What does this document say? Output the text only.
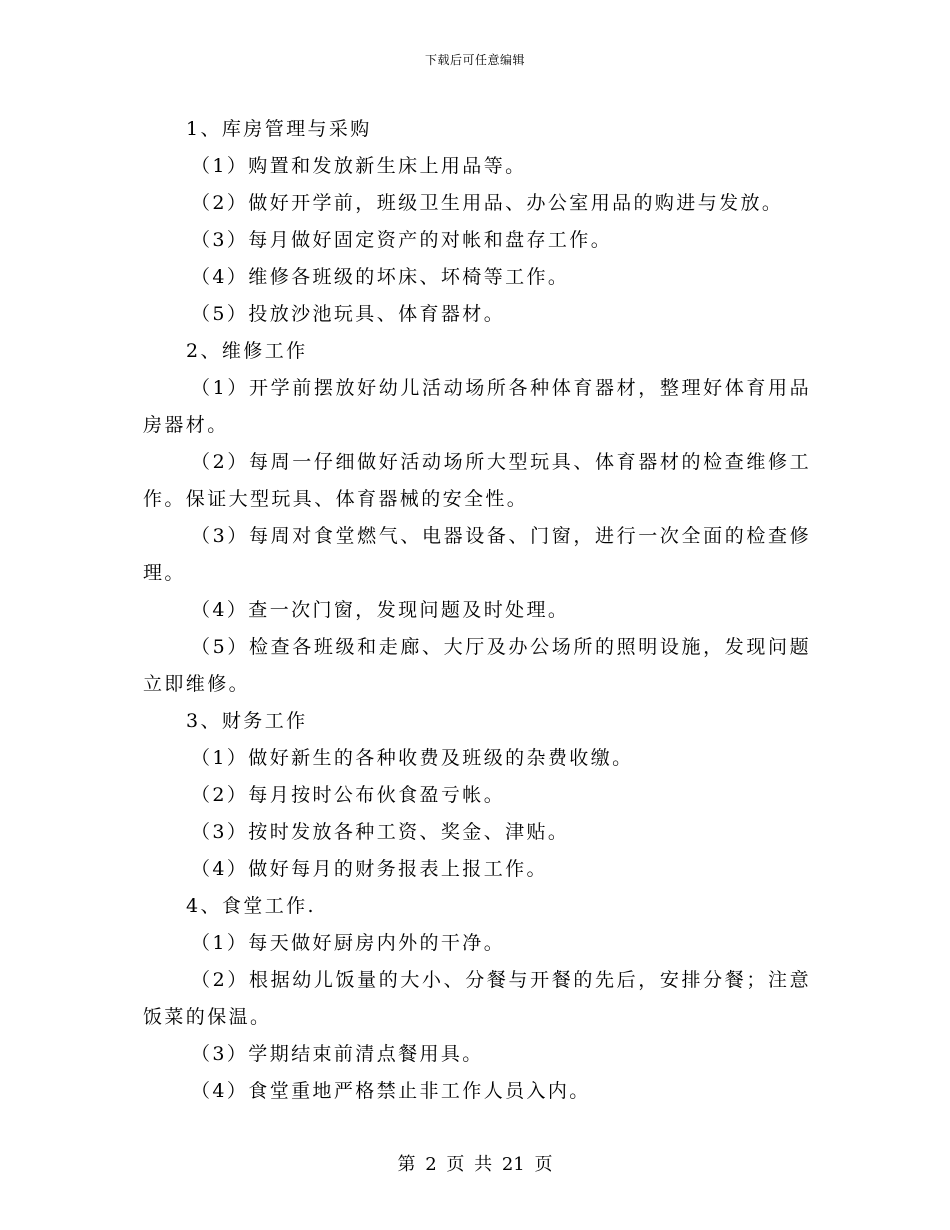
下载后可任意编辑

1、库房管理与采购

（1）购置和发放新生床上用品等。

（2）做好开学前，班级卫生用品、办公室用品的购进与发放。

（3）每月做好固定资产的对帐和盘存工作。

（4）维修各班级的坏床、坏椅等工作。

（5）投放沙池玩具、体育器材。

2、维修工作

（1）开学前摆放好幼儿活动场所各种体育器材，整理好体育用品房器材。

（2）每周一仔细做好活动场所大型玩具、体育器材的检查维修工作。保证大型玩具、体育器械的安全性。

（3）每周对食堂燃气、电器设备、门窗，进行一次全面的检查修理。

（4）查一次门窗，发现问题及时处理。

（5）检查各班级和走廊、大厅及办公场所的照明设施，发现问题立即维修。

3、财务工作

（1）做好新生的各种收费及班级的杂费收缴。

（2）每月按时公布伙食盈亏帐。

（3）按时发放各种工资、奖金、津贴。

（4）做好每月的财务报表上报工作。

4、食堂工作.

（1）每天做好厨房内外的干净。

（2）根据幼儿饭量的大小、分餐与开餐的先后，安排分餐；注意饭菜的保温。

（3）学期结束前清点餐用具。

（4）食堂重地严格禁止非工作人员入内。

第 2 页 共 21 页
